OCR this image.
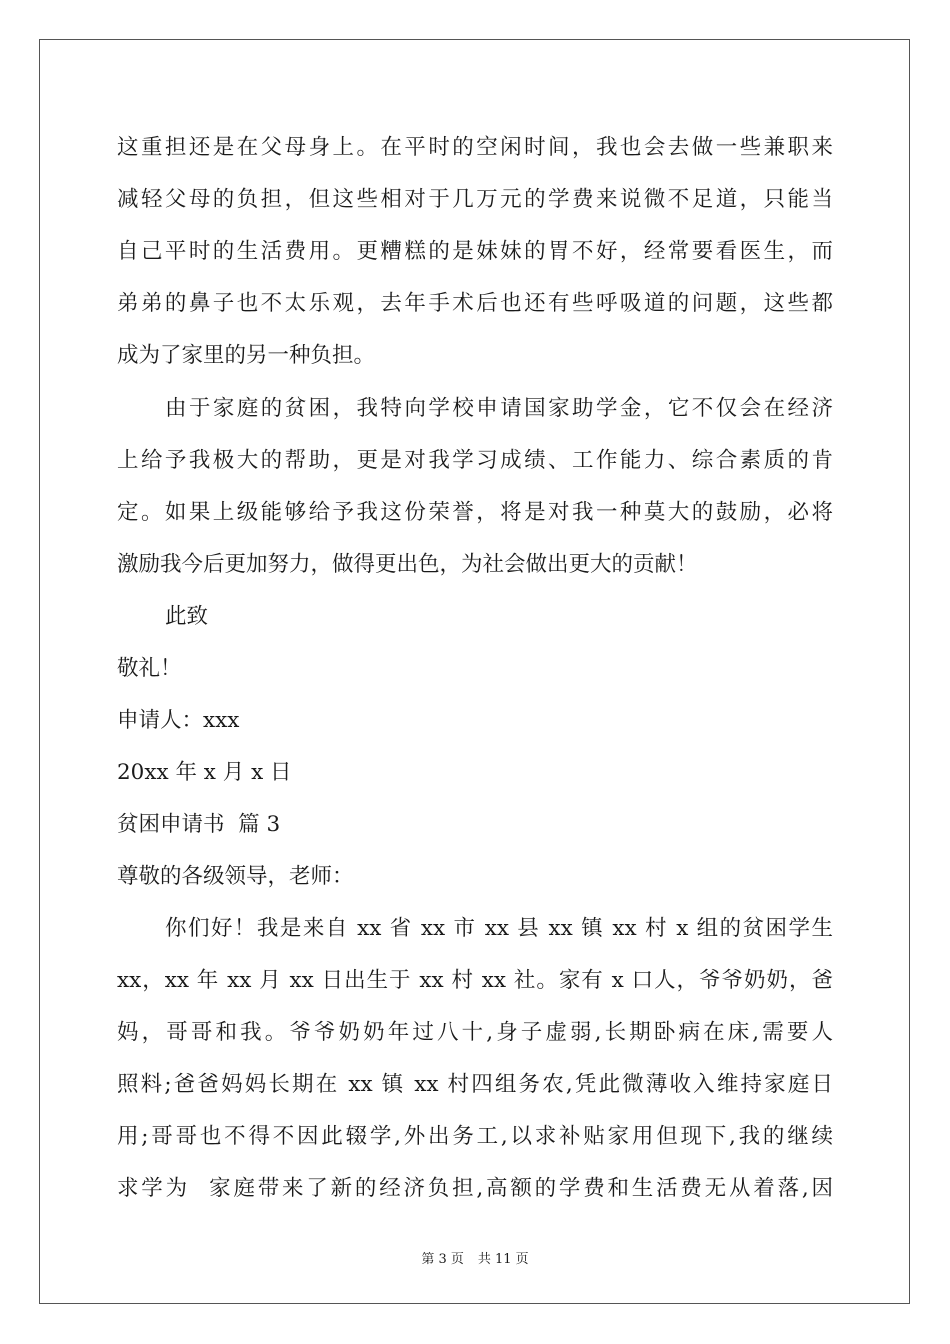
这重担还是在父母身上。在平时的空闲时间，我也会去做一些兼职来
减轻父母的负担，但这些相对于几万元的学费来说微不足道，只能当
自己平时的生活费用。更糟糕的是妹妹的胃不好，经常要看医生，而
弟弟的鼻子也不太乐观，去年手术后也还有些呼吸道的问题，这些都
成为了家里的另一种负担。
由于家庭的贫困，我特向学校申请国家助学金，它不仅会在经济
上给予我极大的帮助，更是对我学习成绩、工作能力、综合素质的肯
定。如果上级能够给予我这份荣誉，将是对我一种莫大的鼓励，必将
激励我今后更加努力，做得更出色，为社会做出更大的贡献！
此致
敬礼！
申请人：xxx
20xx 年 x 月 x 日
贫困申请书  篇 3
尊敬的各级领导，老师：
你们好！我是来自 xx 省 xx 市 xx 县 xx 镇 xx 村 x 组的贫困学生
xx，xx 年 xx 月 xx 日出生于 xx 村 xx 社。家有 x 口人，爷爷奶奶，爸
妈，哥哥和我。爷爷奶奶年过八十,身子虚弱,长期卧病在床,需要人
照料;爸爸妈妈长期在 xx 镇 xx 村四组务农,凭此微薄收入维持家庭日
用;哥哥也不得不因此辍学,外出务工,以求补贴家用但现下,我的继续
求学为  家庭带来了新的经济负担,高额的学费和生活费无从着落,因
第 3 页 共 11 页
